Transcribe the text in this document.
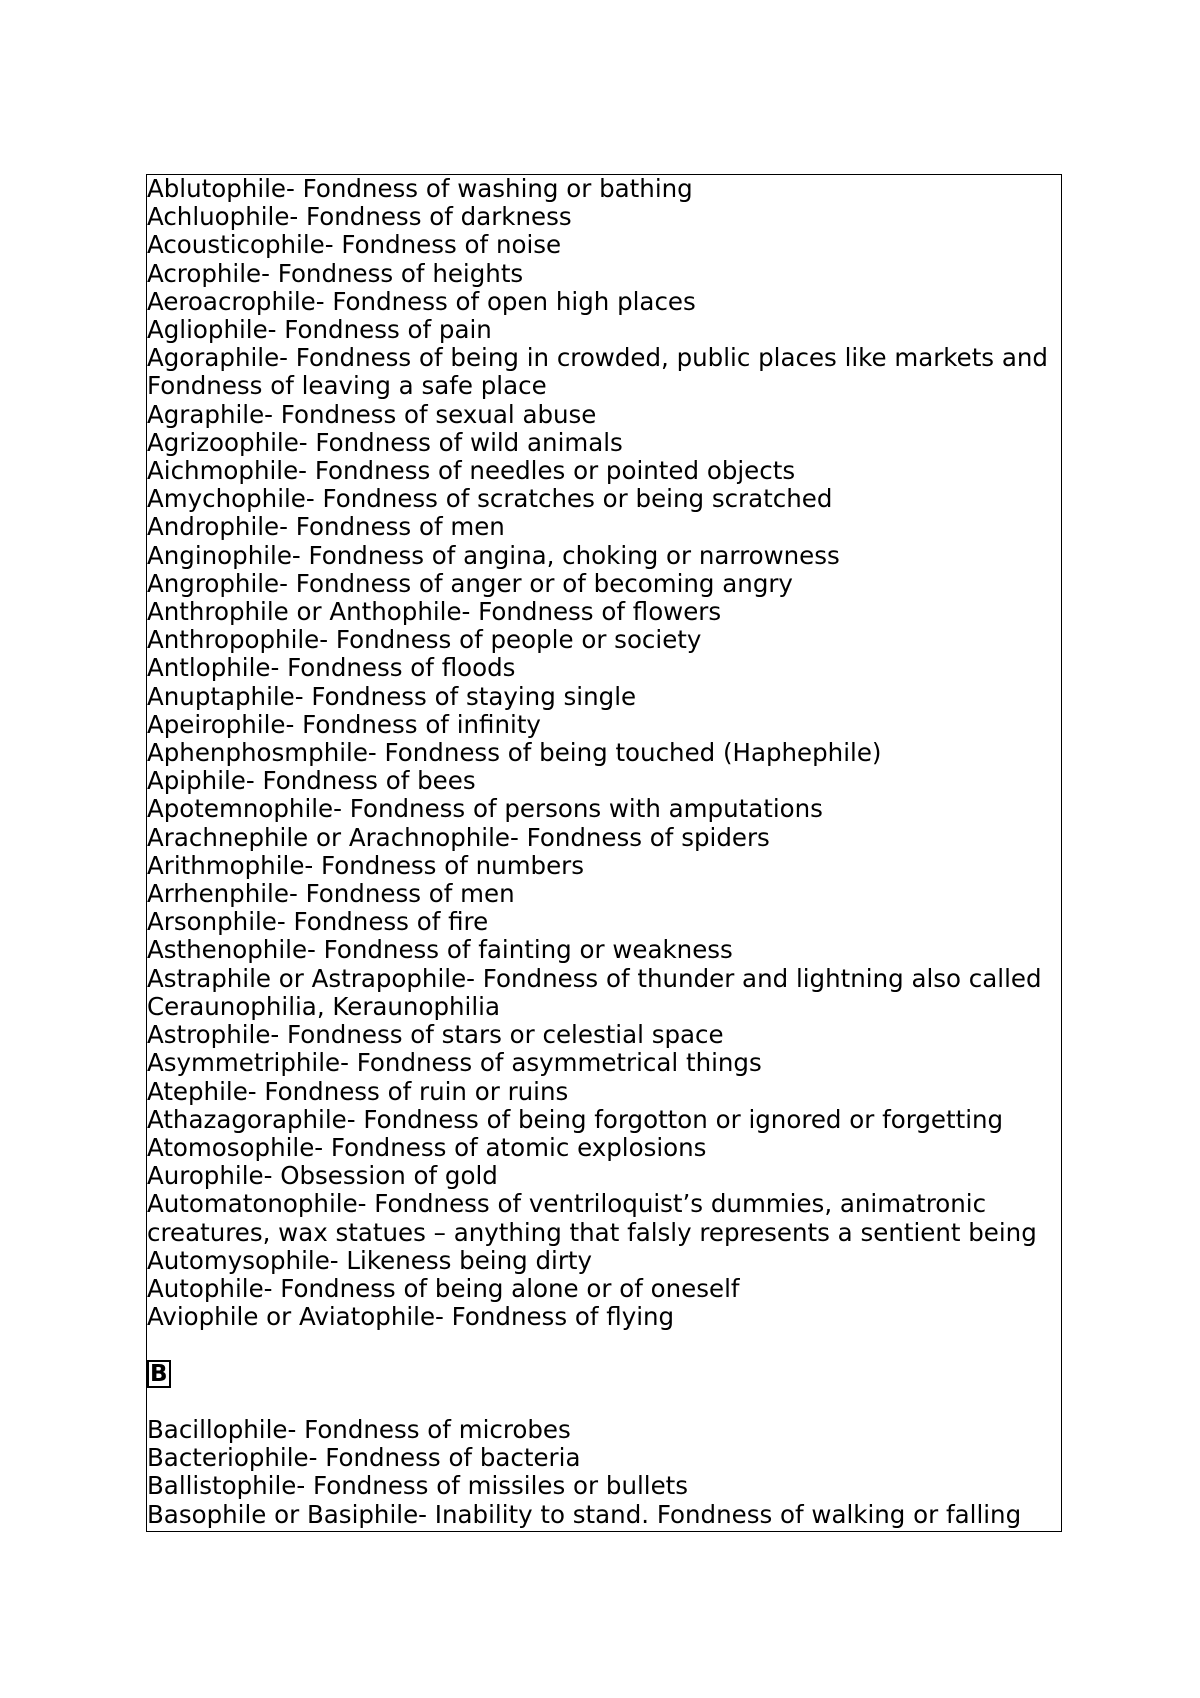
Ablutophile- Fondness of washing or bathing
Achluophile- Fondness of darkness
Acousticophile- Fondness of noise
Acrophile- Fondness of heights
Aeroacrophile- Fondness of open high places
Agliophile- Fondness of pain
Agoraphile- Fondness of being in crowded, public places like markets and Fondness of leaving a safe place
Agraphile- Fondness of sexual abuse
Agrizoophile- Fondness of wild animals
Aichmophile- Fondness of needles or pointed objects
Amychophile- Fondness of scratches or being scratched
Androphile- Fondness of men
Anginophile- Fondness of angina, choking or narrowness
Angrophile- Fondness of anger or of becoming angry
Anthrophile or Anthophile- Fondness of flowers
Anthropophile- Fondness of people or society
Antlophile- Fondness of floods
Anuptaphile- Fondness of staying single
Apeirophile- Fondness of infinity
Aphenphosmphile- Fondness of being touched (Haphephile)
Apiphile- Fondness of bees
Apotemnophile- Fondness of persons with amputations
Arachnephile or Arachnophile- Fondness of spiders
Arithmophile- Fondness of numbers
Arrhenphile- Fondness of men
Arsonphile- Fondness of fire
Asthenophile- Fondness of fainting or weakness
Astraphile or Astrapophile- Fondness of thunder and lightning also called Ceraunophilia, Keraunophilia
Astrophile- Fondness of stars or celestial space
Asymmetriphile- Fondness of asymmetrical things
Atephile- Fondness of ruin or ruins
Athazagoraphile- Fondness of being forgotton or ignored or forgetting
Atomosophile- Fondness of atomic explosions
Aurophile- Obsession of gold
Automatonophile- Fondness of ventriloquist’s dummies, animatronic creatures, wax statues – anything that falsly represents a sentient being
Automysophile- Likeness being dirty
Autophile- Fondness of being alone or of oneself
Aviophile or Aviatophile- Fondness of flying
B
Bacillophile- Fondness of microbes
Bacteriophile- Fondness of bacteria
Ballistophile- Fondness of missiles or bullets
Basophile or Basiphile- Inability to stand. Fondness of walking or falling
